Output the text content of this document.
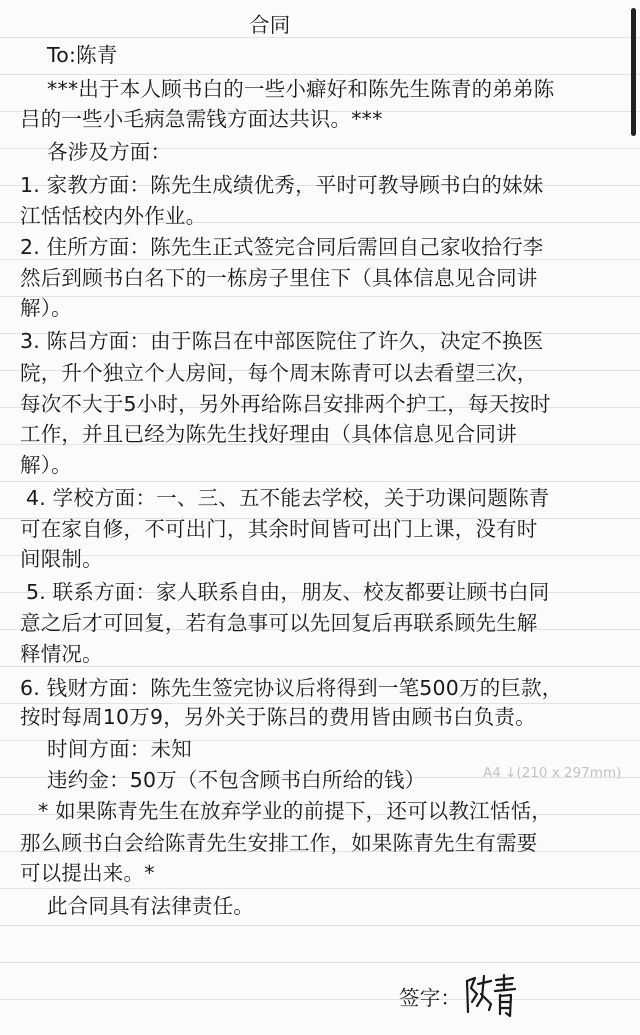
合同
To:陈青
***出于本人顾书白的一些小癖好和陈先生陈青的弟弟陈
吕的一些小毛病急需钱方面达共识。***
各涉及方面：
1. 家教方面：陈先生成绩优秀，平时可教导顾书白的妹妹
江恬恬校内外作业。
2. 住所方面：陈先生正式签完合同后需回自己家收拾行李
然后到顾书白名下的一栋房子里住下（具体信息见合同讲
解）。
3. 陈吕方面：由于陈吕在中部医院住了许久，决定不换医
院，升个独立个人房间，每个周末陈青可以去看望三次，
每次不大于5小时，另外再给陈吕安排两个护工，每天按时
工作，并且已经为陈先生找好理由（具体信息见合同讲
解）。
4. 学校方面：一、三、五不能去学校，关于功课问题陈青
可在家自修，不可出门，其余时间皆可出门上课，没有时
间限制。
5. 联系方面：家人联系自由，朋友、校友都要让顾书白同
意之后才可回复，若有急事可以先回复后再联系顾先生解
释情况。
6. 钱财方面：陈先生签完协议后将得到一笔500万的巨款，
按时每周10万9，另外关于陈吕的费用皆由顾书白负责。
时间方面：未知
违约金：50万（不包含顾书白所给的钱）
* 如果陈青先生在放弃学业的前提下，还可以教江恬恬，
那么顾书白会给陈青先生安排工作，如果陈青先生有需要
可以提出来。*
此合同具有法律责任。
A4 ↓(210 x 297mm)
签字：
